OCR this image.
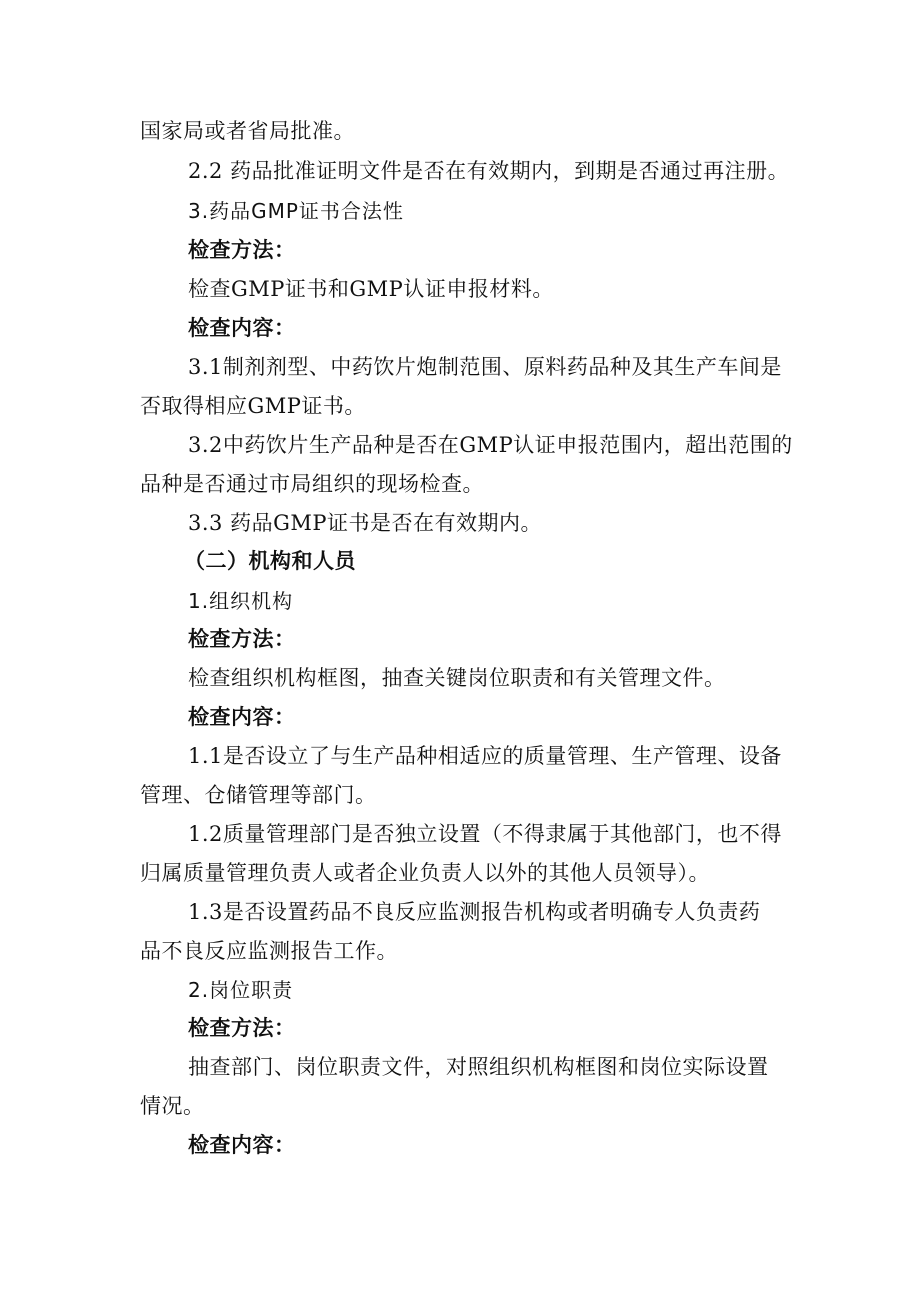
国家局或者省局批准。
2.2 药品批准证明文件是否在有效期内，到期是否通过再注册。
3.药品GMP证书合法性
检查方法：
检查GMP证书和GMP认证申报材料。
检查内容：
3.1制剂剂型、中药饮片炮制范围、原料药品种及其生产车间是
否取得相应GMP证书。
3.2中药饮片生产品种是否在GMP认证申报范围内，超出范围的
品种是否通过市局组织的现场检查。
3.3 药品GMP证书是否在有效期内。
（二）机构和人员
1.组织机构
检查方法：
检查组织机构框图，抽查关键岗位职责和有关管理文件。
检查内容：
1.1是否设立了与生产品种相适应的质量管理、生产管理、设备
管理、仓储管理等部门。
1.2质量管理部门是否独立设置（不得隶属于其他部门，也不得
归属质量管理负责人或者企业负责人以外的其他人员领导）。
1.3是否设置药品不良反应监测报告机构或者明确专人负责药
品不良反应监测报告工作。
2.岗位职责
检查方法：
抽查部门、岗位职责文件，对照组织机构框图和岗位实际设置
情况。
检查内容：
